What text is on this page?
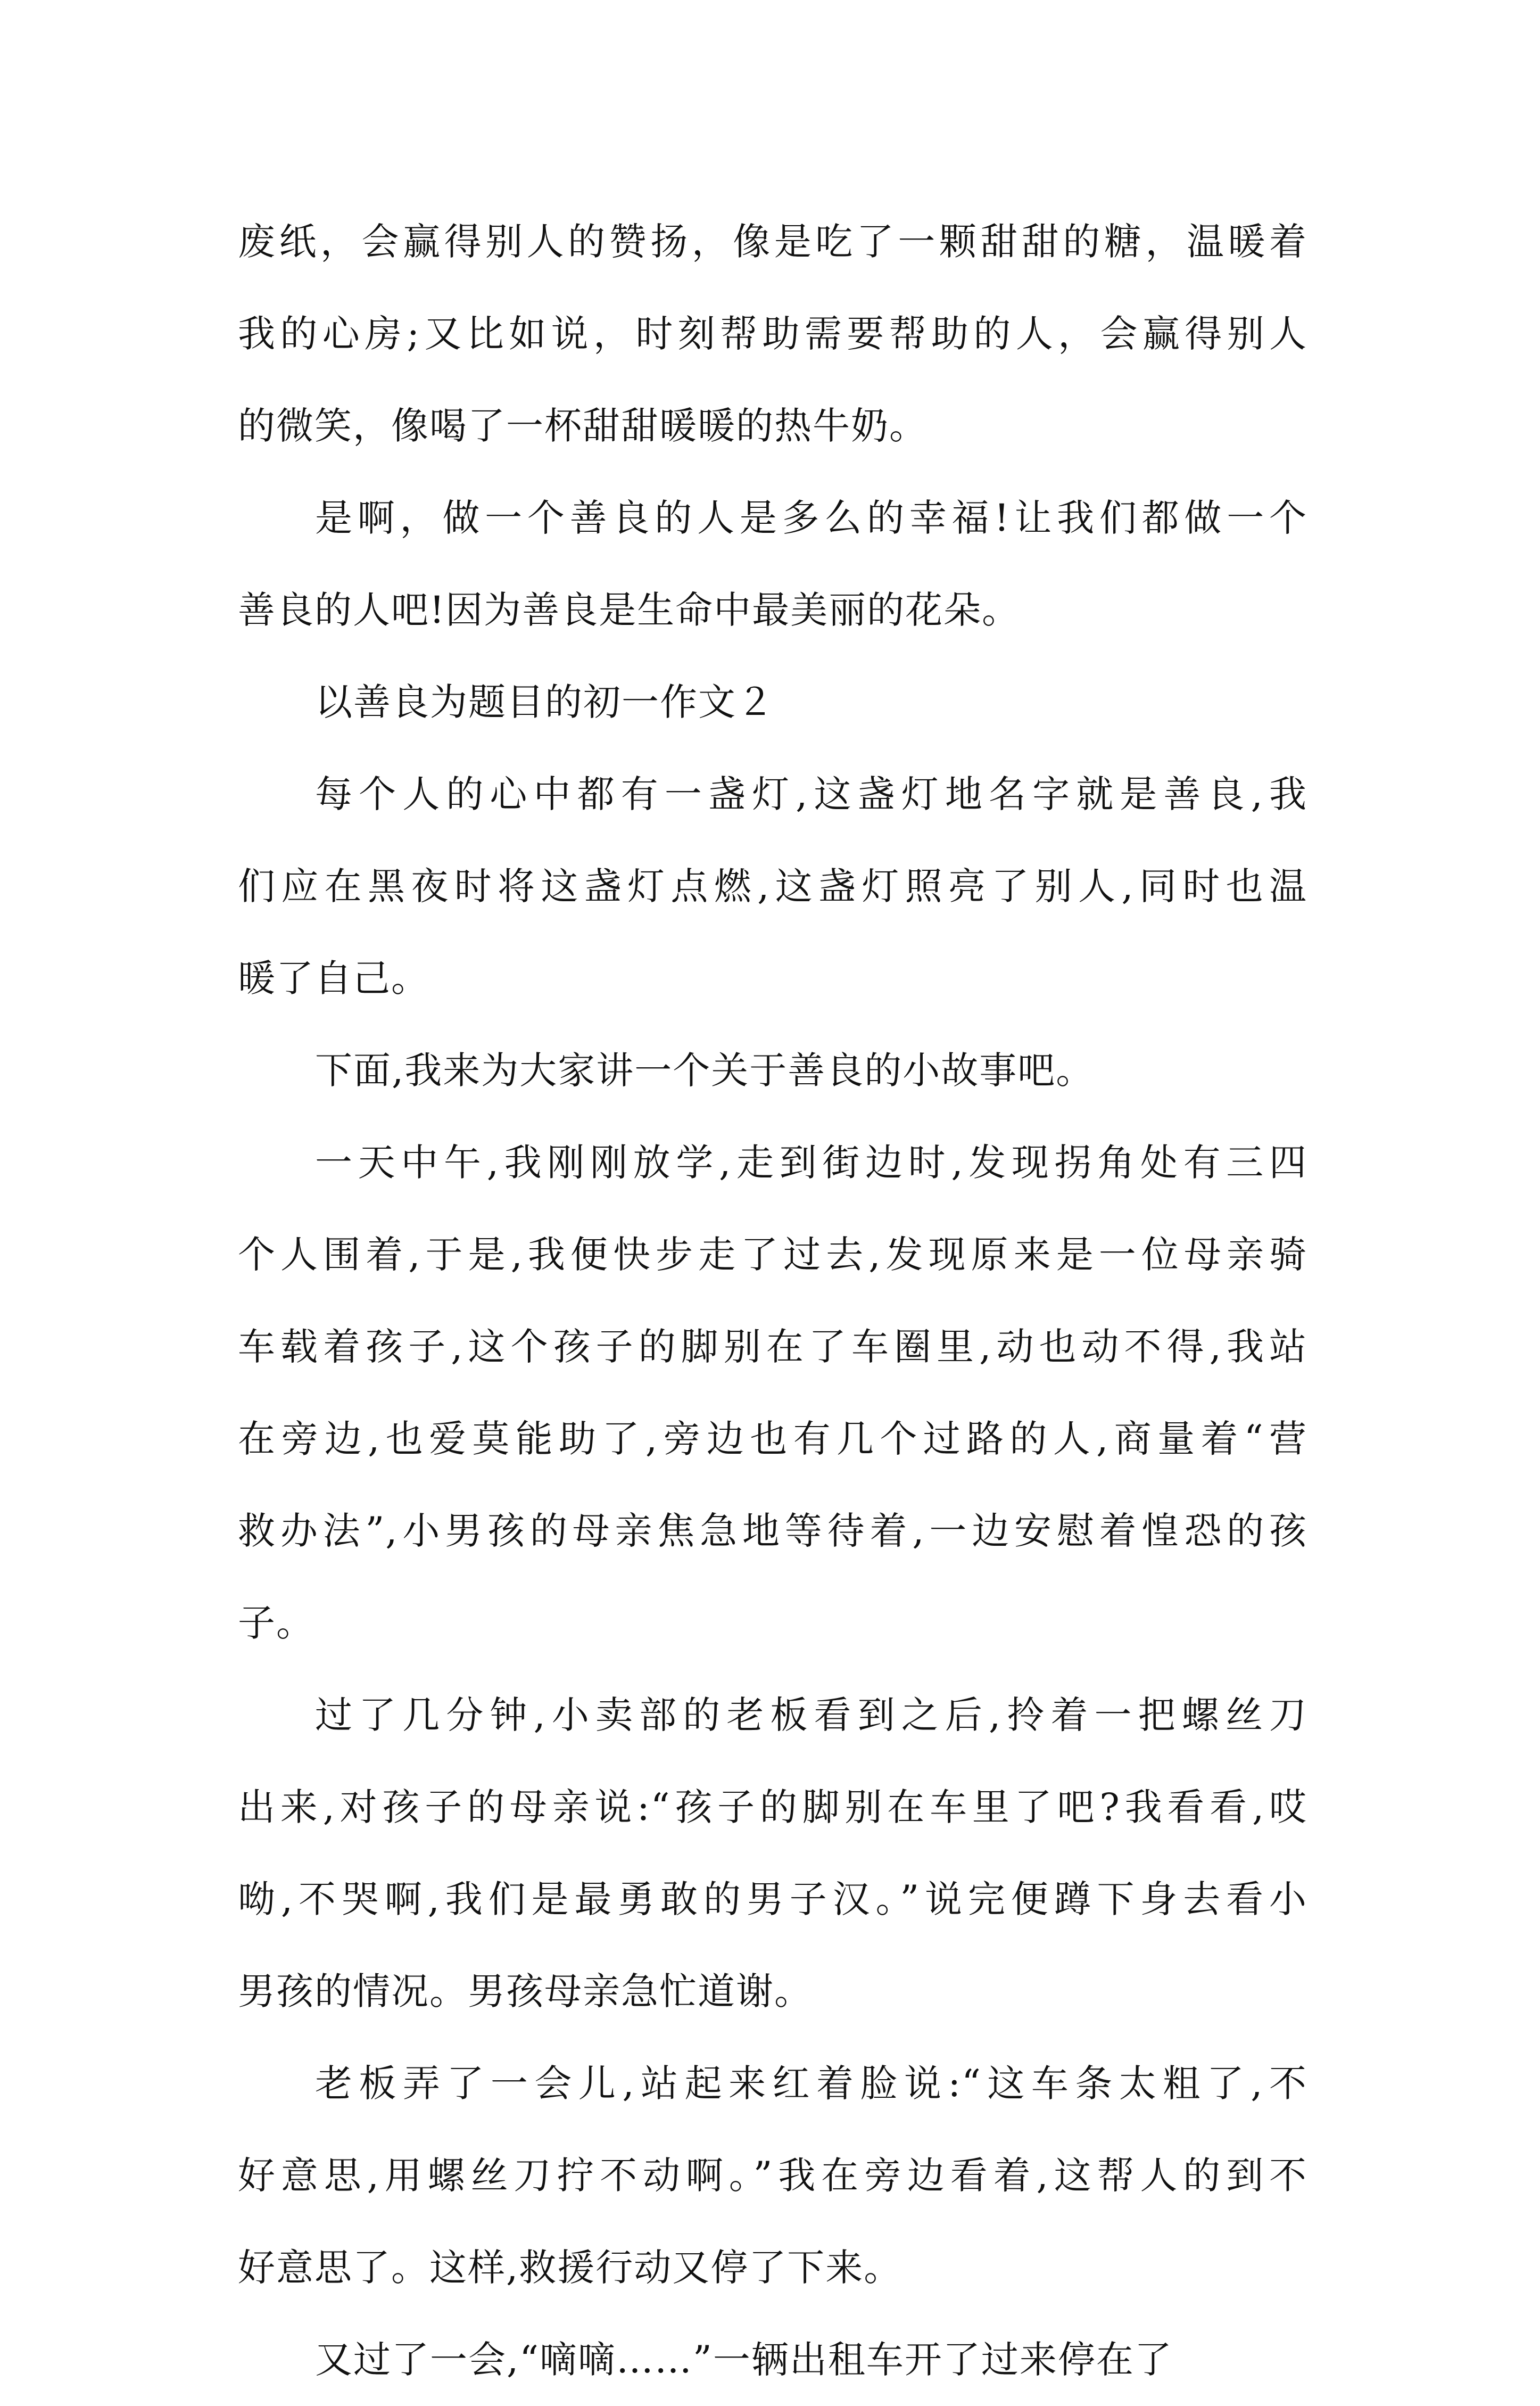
废纸，会赢得别人的赞扬，像是吃了一颗甜甜的糖，温暖着
我的心房;又比如说，时刻帮助需要帮助的人，会赢得别人
的微笑，像喝了一杯甜甜暖暖的热牛奶。
是啊，做一个善良的人是多么的幸福!让我们都做一个
善良的人吧!因为善良是生命中最美丽的花朵。
以善良为题目的初一作文２
每个人的心中都有一盏灯,这盏灯地名字就是善良,我
们应在黑夜时将这盏灯点燃,这盏灯照亮了别人,同时也温
暖了自己。
下面,我来为大家讲一个关于善良的小故事吧。
一天中午,我刚刚放学,走到街边时,发现拐角处有三四
个人围着,于是,我便快步走了过去,发现原来是一位母亲骑
车载着孩子,这个孩子的脚别在了车圈里,动也动不得,我站
在旁边,也爱莫能助了,旁边也有几个过路的人,商量着“营
救办法”,小男孩的母亲焦急地等待着,一边安慰着惶恐的孩
子。
过了几分钟,小卖部的老板看到之后,拎着一把螺丝刀
出来,对孩子的母亲说:“孩子的脚别在车里了吧?我看看,哎
呦,不哭啊,我们是最勇敢的男子汉。”说完便蹲下身去看小
男孩的情况。男孩母亲急忙道谢。
老板弄了一会儿,站起来红着脸说:“这车条太粗了,不
好意思,用螺丝刀拧不动啊。”我在旁边看着,这帮人的到不
好意思了。这样,救援行动又停了下来。
又过了一会,“嘀嘀……”一辆出租车开了过来停在了
